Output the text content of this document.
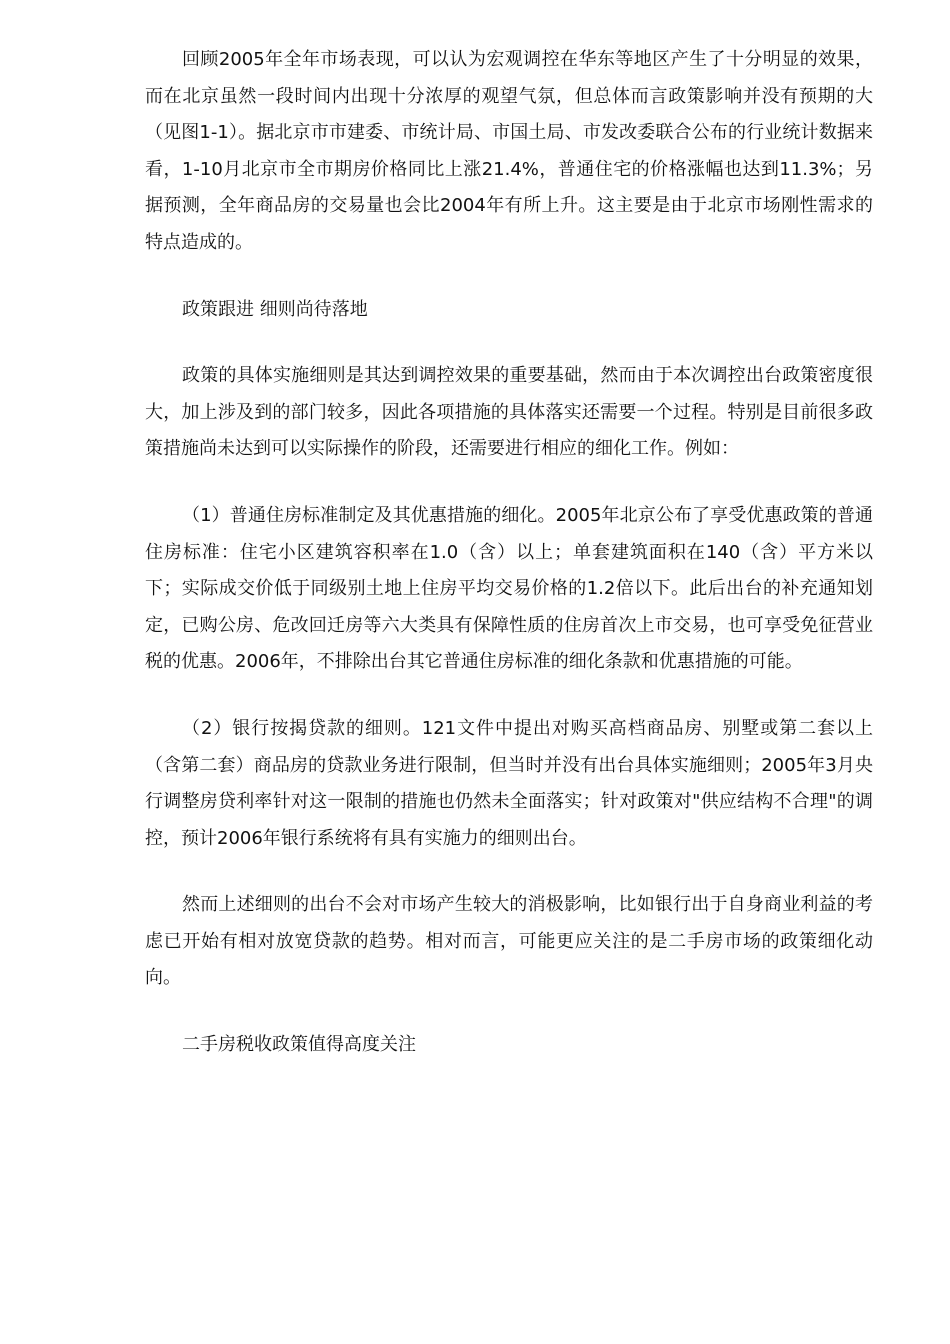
回顾2005年全年市场表现，可以认为宏观调控在华东等地区产生了十分明显的效果，而在北京虽然一段时间内出现十分浓厚的观望气氛，但总体而言政策影响并没有预期的大（见图1-1）。据北京市市建委、市统计局、市国土局、市发改委联合公布的行业统计数据来看，1-10月北京市全市期房价格同比上涨21.4%，普通住宅的价格涨幅也达到11.3%；另据预测，全年商品房的交易量也会比2004年有所上升。这主要是由于北京市场刚性需求的特点造成的。

政策跟进 细则尚待落地

政策的具体实施细则是其达到调控效果的重要基础，然而由于本次调控出台政策密度很大，加上涉及到的部门较多，因此各项措施的具体落实还需要一个过程。特别是目前很多政策措施尚未达到可以实际操作的阶段，还需要进行相应的细化工作。例如：

（1）普通住房标准制定及其优惠措施的细化。2005年北京公布了享受优惠政策的普通住房标准：住宅小区建筑容积率在1.0（含）以上；单套建筑面积在140（含）平方米以下；实际成交价低于同级别土地上住房平均交易价格的1.2倍以下。此后出台的补充通知划定，已购公房、危改回迁房等六大类具有保障性质的住房首次上市交易，也可享受免征营业税的优惠。2006年，不排除出台其它普通住房标准的细化条款和优惠措施的可能。

（2）银行按揭贷款的细则。121文件中提出对购买高档商品房、别墅或第二套以上（含第二套）商品房的贷款业务进行限制，但当时并没有出台具体实施细则；2005年3月央行调整房贷利率针对这一限制的措施也仍然未全面落实；针对政策对"供应结构不合理"的调控，预计2006年银行系统将有具有实施力的细则出台。

然而上述细则的出台不会对市场产生较大的消极影响，比如银行出于自身商业利益的考虑已开始有相对放宽贷款的趋势。相对而言，可能更应关注的是二手房市场的政策细化动向。

二手房税收政策值得高度关注
